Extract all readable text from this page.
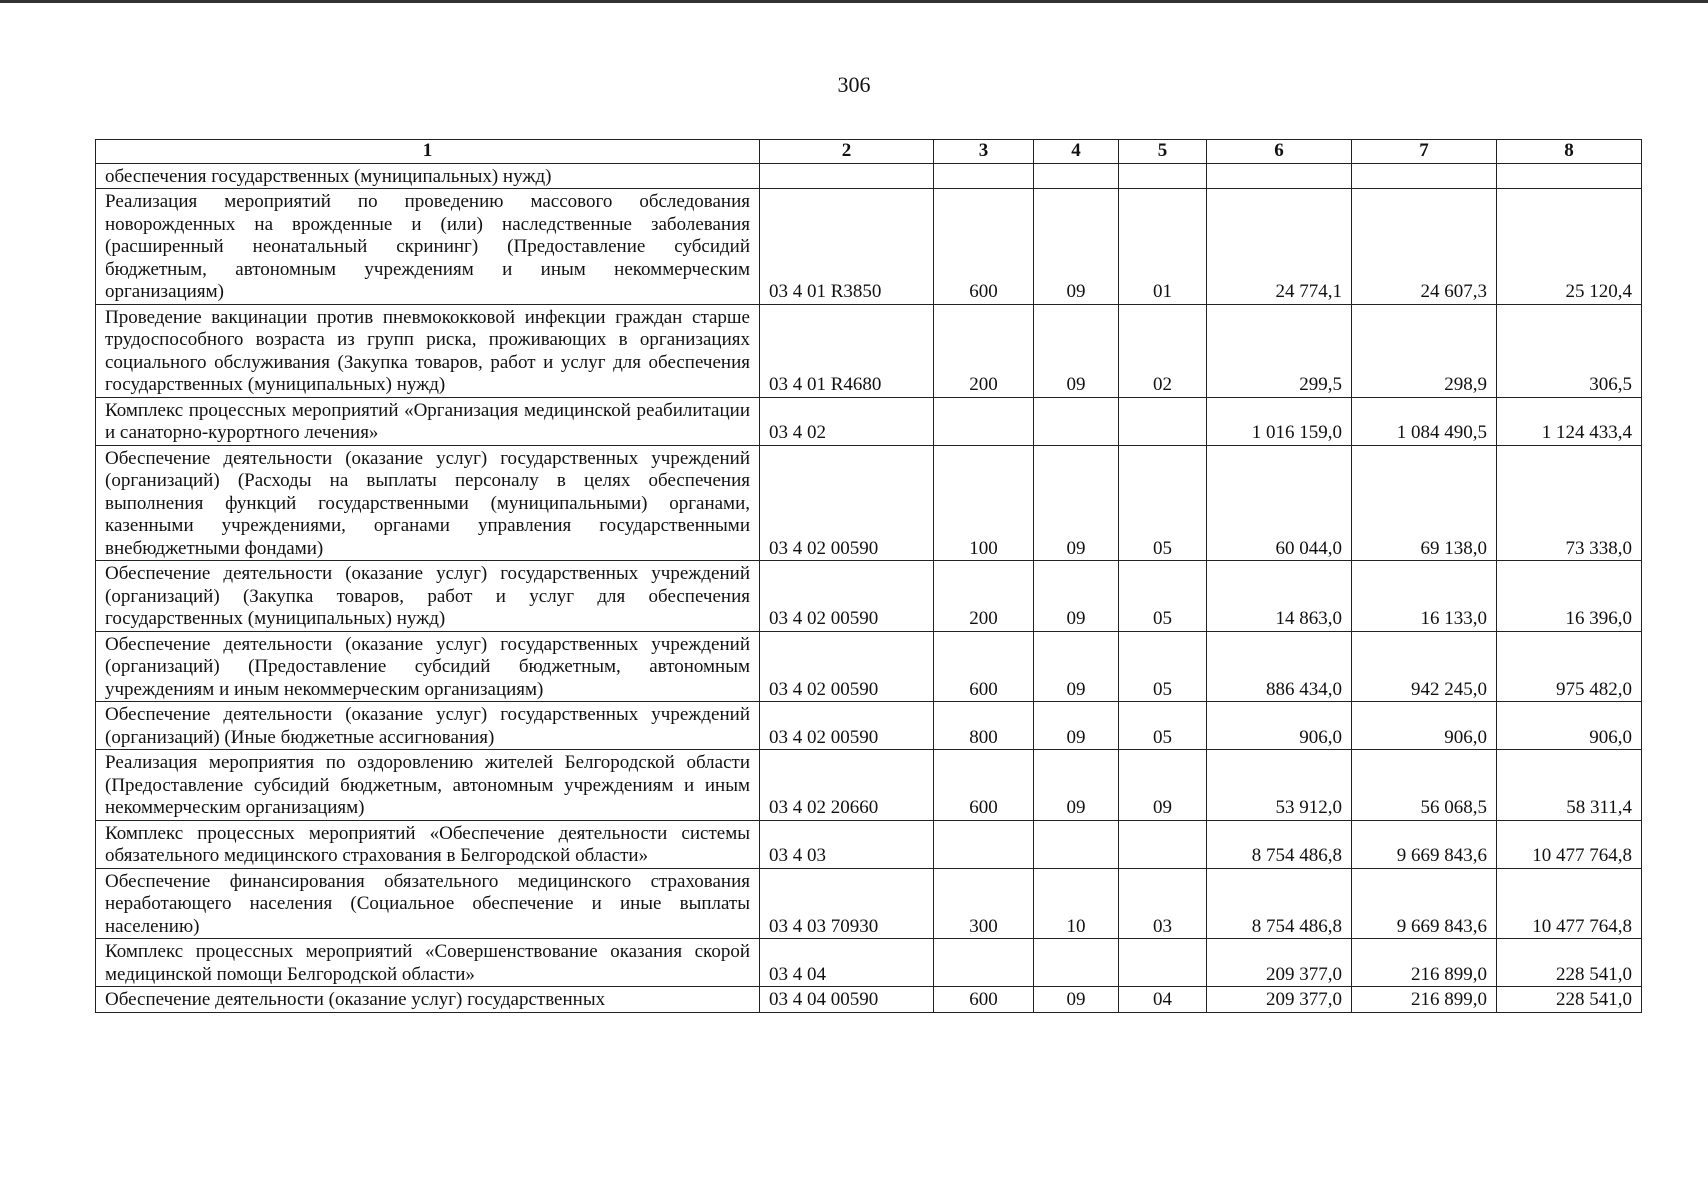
306
1	2	3	4	5	6	7	8
обеспечения государственных (муниципальных) нужд)							
Реализация мероприятий по проведению массового обследования новорожденных на врожденные и (или) наследственные заболевания (расширенный неонатальный скрининг) (Предоставление субсидий бюджетным, автономным учреждениям и иным некоммерческим организациям)	03 4 01 R3850	600	09	01	24 774,1	24 607,3	25 120,4
Проведение вакцинации против пневмококковой инфекции граждан старше трудоспособного возраста из групп риска, проживающих в организациях социального обслуживания (Закупка товаров, работ и услуг для обеспечения государственных (муниципальных) нужд)	03 4 01 R4680	200	09	02	299,5	298,9	306,5
Комплекс процессных мероприятий «Организация медицинской реабилитации и санаторно-курортного лечения»	03 4 02				1 016 159,0	1 084 490,5	1 124 433,4
Обеспечение деятельности (оказание услуг) государственных учреждений (организаций) (Расходы на выплаты персоналу в целях обеспечения выполнения функций государственными (муниципальными) органами, казенными учреждениями, органами управления государственными внебюджетными фондами)	03 4 02 00590	100	09	05	60 044,0	69 138,0	73 338,0
Обеспечение деятельности (оказание услуг) государственных учреждений (организаций) (Закупка товаров, работ и услуг для обеспечения государственных (муниципальных) нужд)	03 4 02 00590	200	09	05	14 863,0	16 133,0	16 396,0
Обеспечение деятельности (оказание услуг) государственных учреждений (организаций) (Предоставление субсидий бюджетным, автономным учреждениям и иным некоммерческим организациям)	03 4 02 00590	600	09	05	886 434,0	942 245,0	975 482,0
Обеспечение деятельности (оказание услуг) государственных учреждений (организаций) (Иные бюджетные ассигнования)	03 4 02 00590	800	09	05	906,0	906,0	906,0
Реализация мероприятия по оздоровлению жителей Белгородской области (Предоставление субсидий бюджетным, автономным учреждениям и иным некоммерческим организациям)	03 4 02 20660	600	09	09	53 912,0	56 068,5	58 311,4
Комплекс процессных мероприятий «Обеспечение деятельности системы обязательного медицинского страхования в Белгородской области»	03 4 03				8 754 486,8	9 669 843,6	10 477 764,8
Обеспечение финансирования обязательного медицинского страхования неработающего населения (Социальное обеспечение и иные выплаты населению)	03 4 03 70930	300	10	03	8 754 486,8	9 669 843,6	10 477 764,8
Комплекс процессных мероприятий «Совершенствование оказания скорой медицинской помощи Белгородской области»	03 4 04				209 377,0	216 899,0	228 541,0
Обеспечение деятельности (оказание услуг) государственных	03 4 04 00590	600	09	04	209 377,0	216 899,0	228 541,0
